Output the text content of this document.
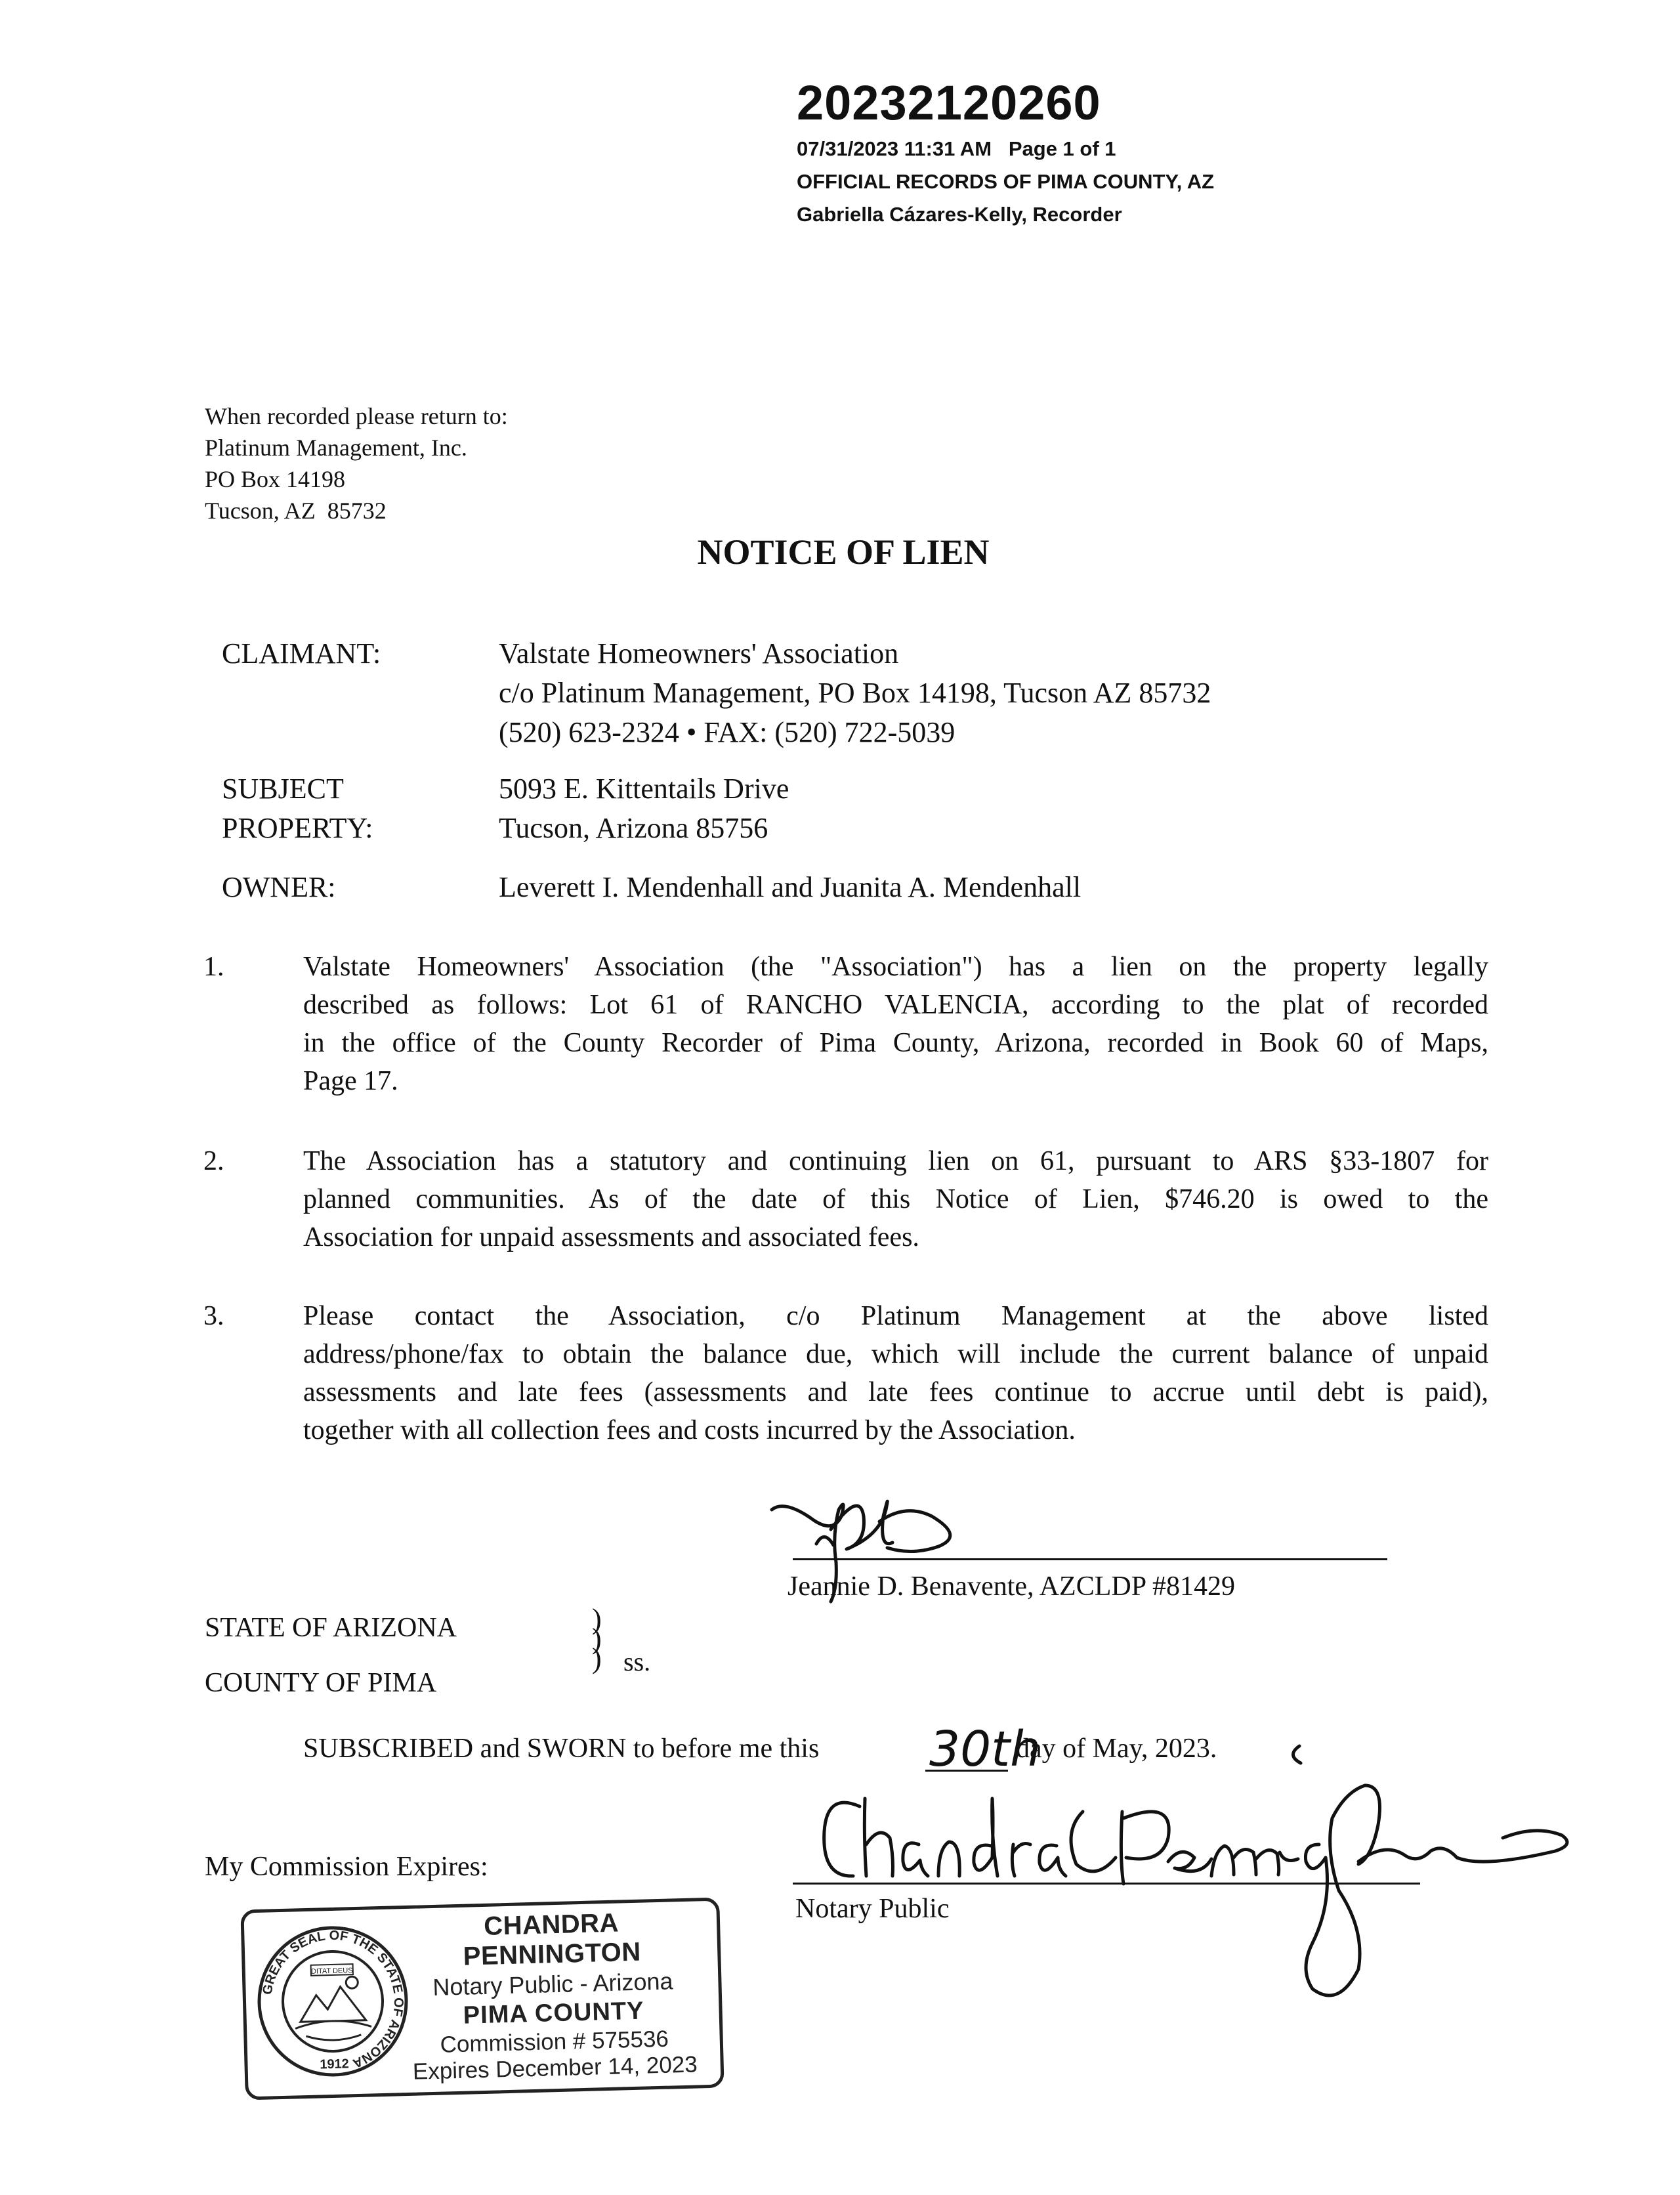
20232120260
07/31/2023 11:31 AM   Page 1 of 1
OFFICIAL RECORDS OF PIMA COUNTY, AZ
Gabriella Cázares-Kelly, Recorder
When recorded please return to:
Platinum Management, Inc.
PO Box 14198
Tucson, AZ  85732
NOTICE OF LIEN
CLAIMANT:	Valstate Homeowners' Association
c/o Platinum Management, PO Box 14198, Tucson AZ 85732
(520) 623-2324 • FAX: (520) 722-5039
SUBJECT
PROPERTY:
5093 E. Kittentails Drive
Tucson, Arizona 85756
OWNER:	Leverett I. Mendenhall and Juanita A. Mendenhall
1.	Valstate Homeowners' Association (the "Association") has a lien on the property legally
described as follows: Lot 61 of RANCHO VALENCIA, according to the plat of recorded
in the office of the County Recorder of Pima County, Arizona, recorded in Book 60 of Maps,
Page 17.
2.	The Association has a statutory and continuing lien on 61, pursuant to ARS §33-1807 for
planned communities. As of the date of this Notice of Lien, $746.20 is owed to the
Association for unpaid assessments and associated fees.
3.	Please contact the Association, c/o Platinum Management at the above listed
address/phone/fax to obtain the balance due, which will include the current balance of unpaid
assessments and late fees (assessments and late fees continue to accrue until debt is paid),
together with all collection fees and costs incurred by the Association.
Jeannie D. Benavente, AZCLDP #81429
STATE OF ARIZONA
COUNTY OF PIMA
)
)
) ss.
SUBSCRIBED and SWORN to before me this	day of May, 2023.
My Commission Expires:
Notary Public
GREAT SEAL OF THE STATE OF ARIZONA
DITAT DEUS
1912
CHANDRA PENNINGTON
Notary Public - Arizona
PIMA COUNTY
Commission # 575536
Expires December 14, 2023
30th
